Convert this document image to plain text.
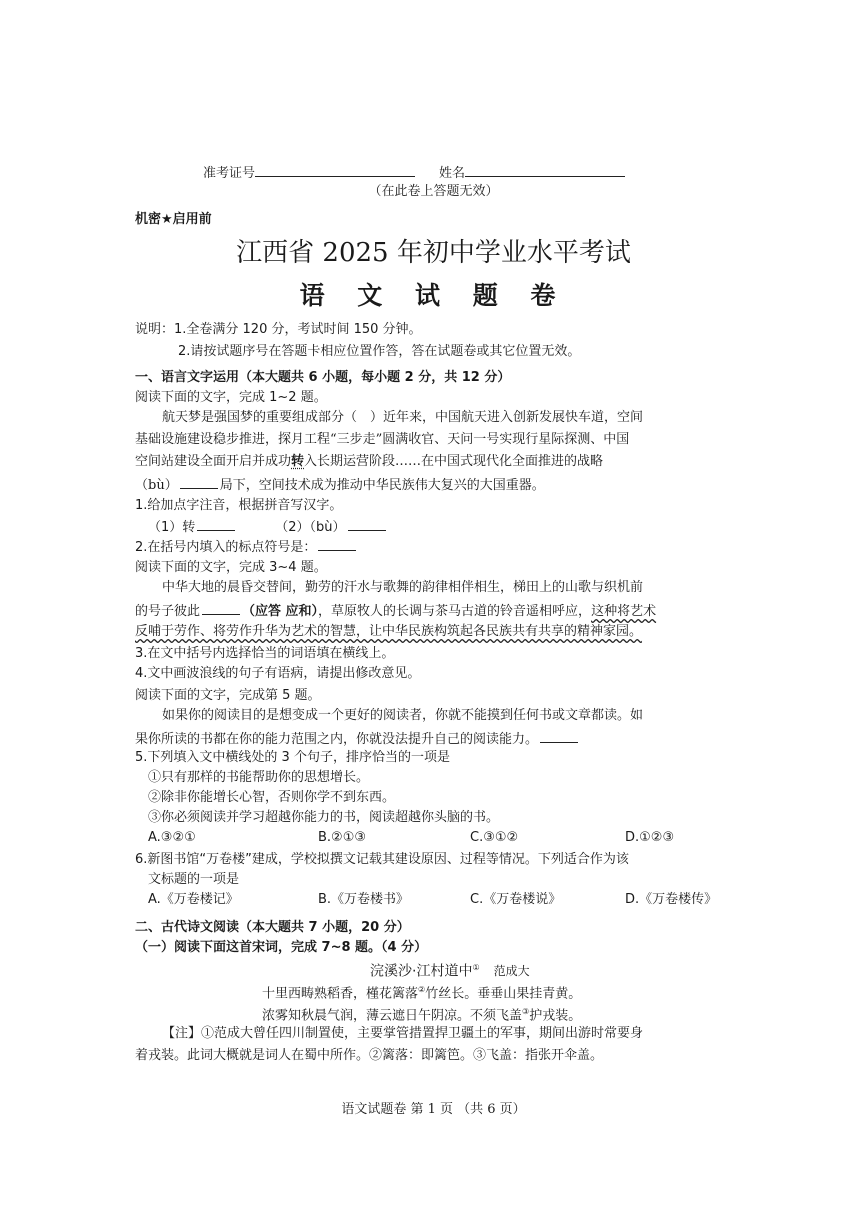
准考证号	姓名
（在此卷上答题无效）
机密★启用前
江西省 2025 年初中学业水平考试
语 文 试 题 卷
说明：1.全卷满分 120 分，考试时间 150 分钟。
2.请按试题序号在答题卡相应位置作答，答在试题卷或其它位置无效。
一、语言文字运用（本大题共 6 小题，每小题 2 分，共 12 分）
阅读下面的文字，完成 1~2 题。
航天梦是强国梦的重要组成部分（　）近年来，中国航天进入创新发展快车道，空间
基础设施建设稳步推进，探月工程“三步走”圆满收官、天问一号实现行星际探测、中国
空间站建设全面开启并成功转入长期运营阶段……在中国式现代化全面推进的战略
（bù）	局下，空间技术成为推动中华民族伟大复兴的大国重器。
1.给加点字注音，根据拼音写汉字。
（1）转	（2）（bù）
2.在括号内填入的标点符号是：
阅读下面的文字，完成 3~4 题。
中华大地的晨昏交替间，勤劳的汗水与歌舞的韵律相伴相生，梯田上的山歌与织机前
的号子彼此	（应答 应和），草原牧人的长调与茶马古道的铃音遥相呼应，这种将艺术
反哺于劳作、将劳作升华为艺术的智慧，让中华民族构筑起各民族共有共享的精神家园。
3.在文中括号内选择恰当的词语填在横线上。
4.文中画波浪线的句子有语病，请提出修改意见。
阅读下面的文字，完成第 5 题。
如果你的阅读目的是想变成一个更好的阅读者，你就不能摸到任何书或文章都读。如
果你所读的书都在你的能力范围之内，你就没法提升自己的阅读能力。
5.下列填入文中横线处的 3 个句子，排序恰当的一项是
①只有那样的书能帮助你的思想增长。
②除非你能增长心智，否则你学不到东西。
③你必须阅读并学习超越你能力的书，阅读超越你头脑的书。
A.③②①	B.②①③	C.③①②	D.①②③
6.新图书馆“万卷楼”建成，学校拟撰文记载其建设原因、过程等情况。下列适合作为该
文标题的一项是
A.《万卷楼记》	B.《万卷楼书》	C.《万卷楼说》	D.《万卷楼传》
二、古代诗文阅读（本大题共 7 小题，20 分）
（一）阅读下面这首宋词，完成 7~8 题。（4 分）
浣溪沙·江村道中① 范成大
十里西畴熟稻香，槿花篱落②竹丝长。垂垂山果挂青黄。
浓雾知秋晨气润，薄云遮日午阴凉。不须飞盖③护戎装。
【注】①范成大曾任四川制置使，主要掌管措置捍卫疆土的军事，期间出游时常要身
着戎装。此词大概就是词人在蜀中所作。②篱落：即篱笆。③飞盖：指张开伞盖。
语文试题卷 第 1 页 （共 6 页）
